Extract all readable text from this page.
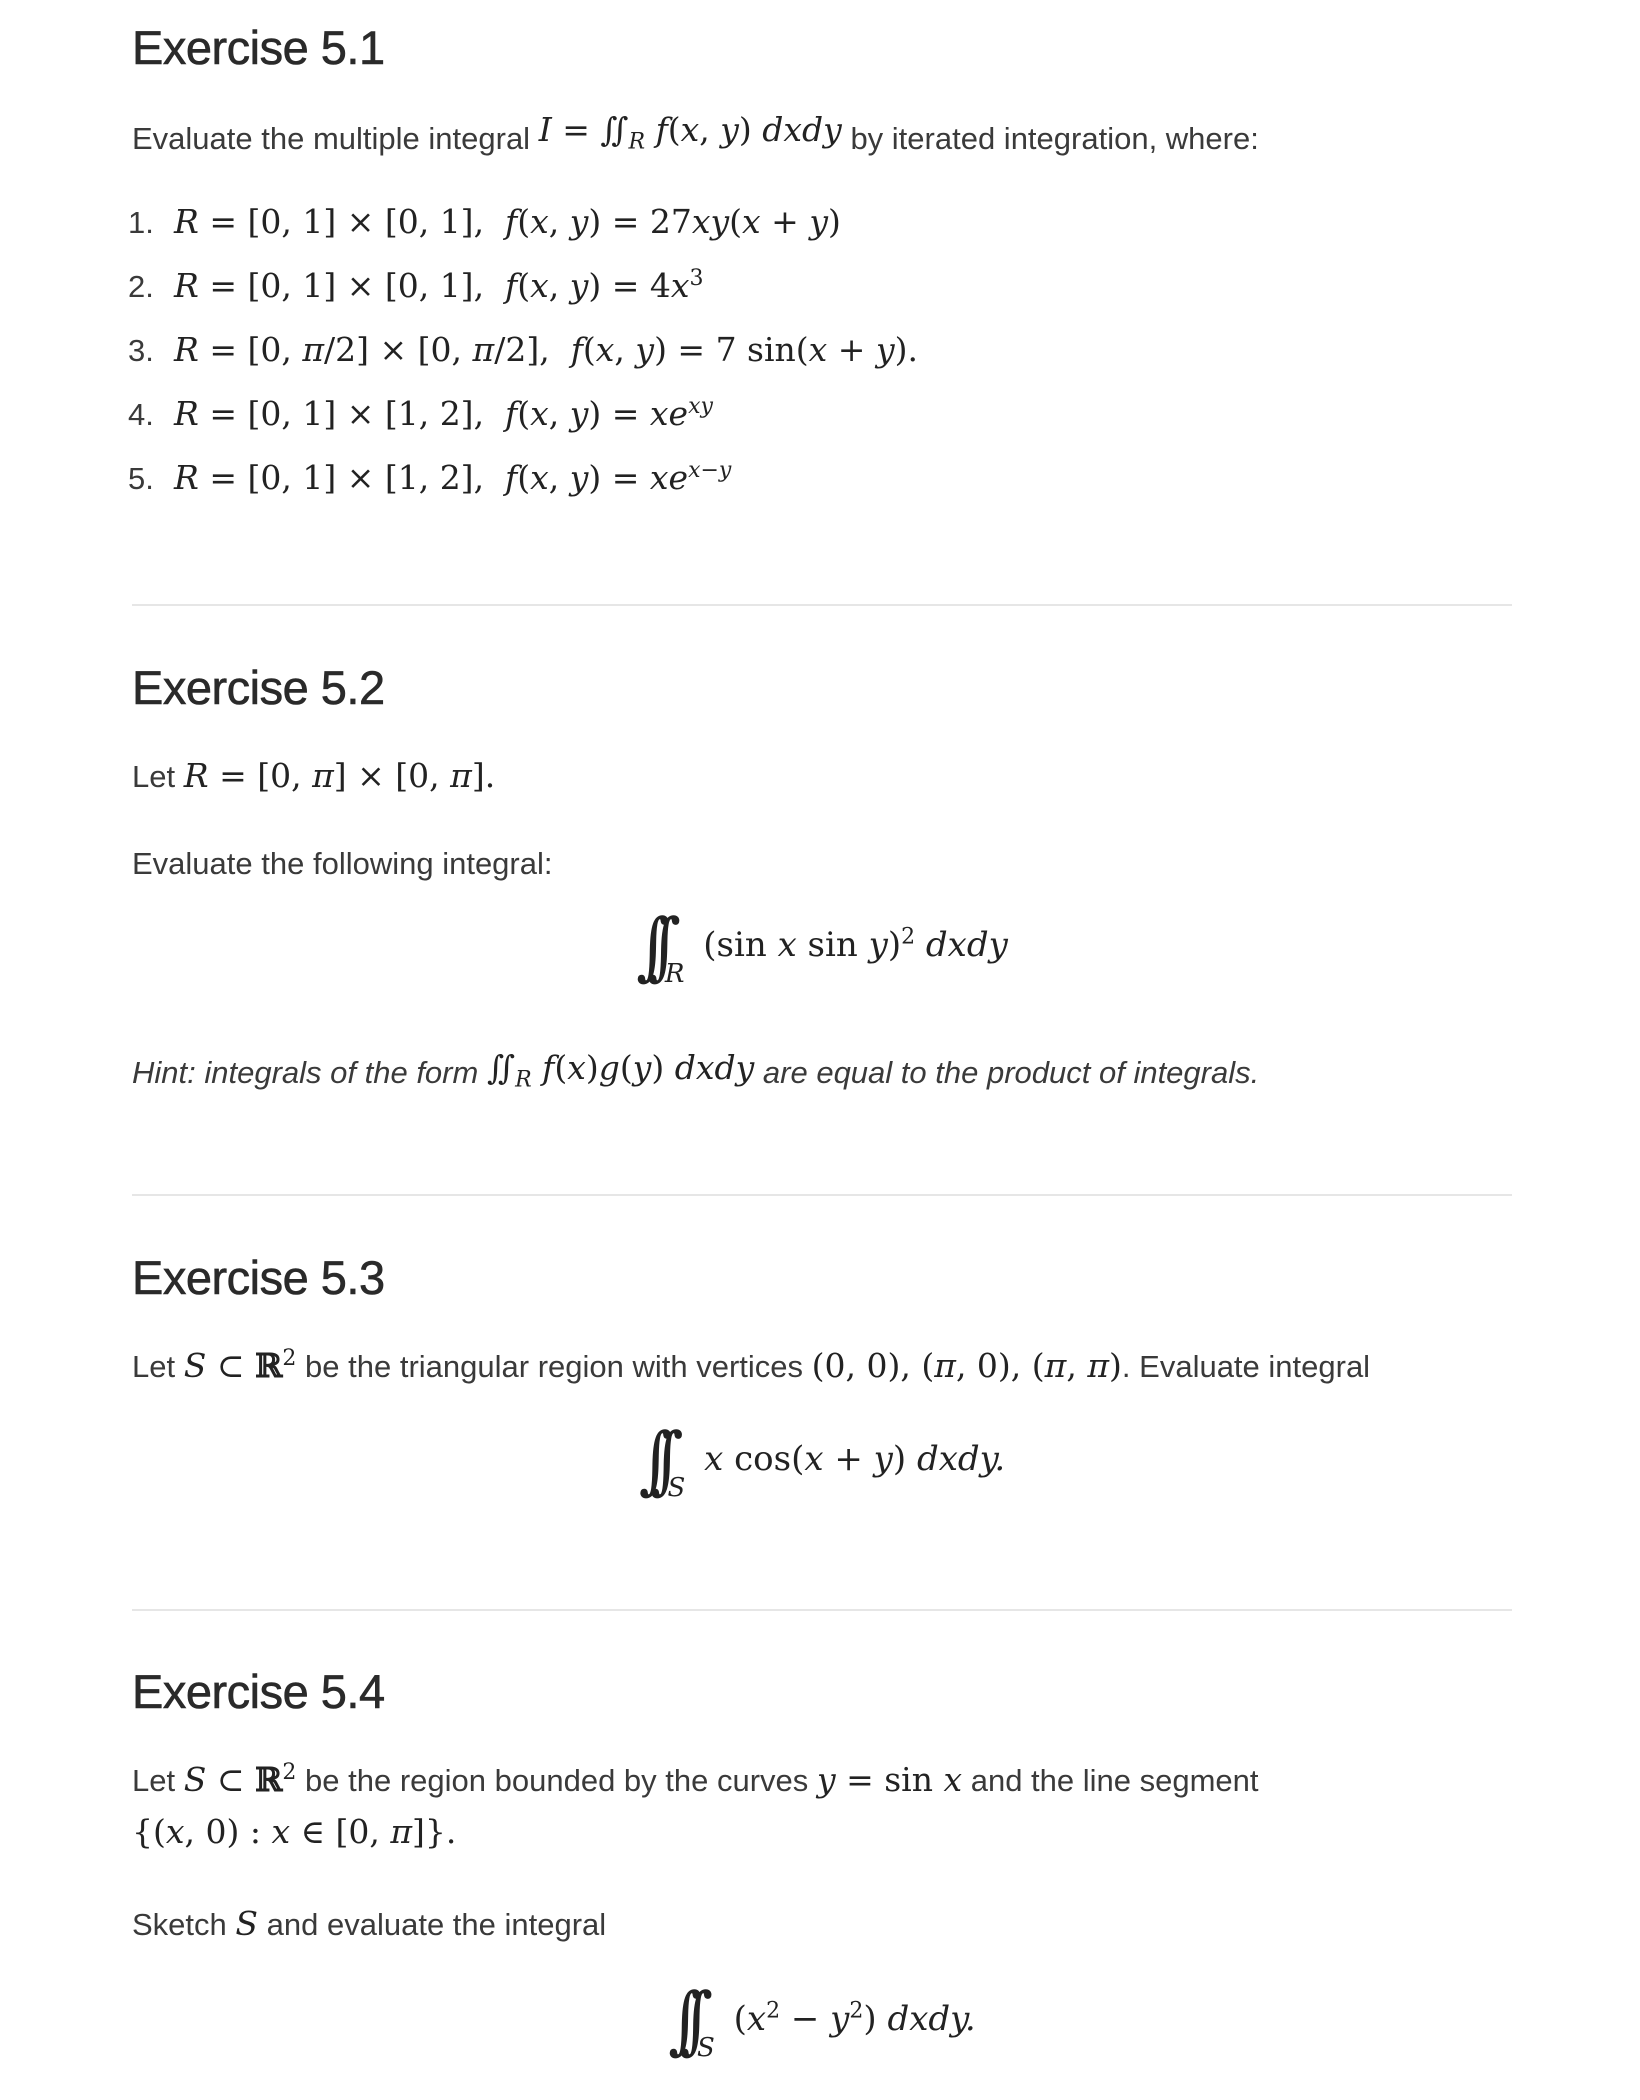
Exercise 5.1

Evaluate the multiple integral $I = ∬_R$ f(x, y) dxdy by iterated integration, where:

1. R = [0, 1] × [0, 1] , f(x, y) = 27xy(x + y)
2. R = [0, 1] × [0, 1] , f(x, $y) = 4x^3$
3. R = [0, π/2] × [0, π/2] , f(x, y) = 7 sin(x + y).
4. R = [0, 1] × [1, 2] , f(x, $y) = xe^{xy}$
5. R = [0, 1] × [1, 2] , f(x, $y) = xe^{x-y}$
Exercise 5.2

Let R = [0, π] × [0, π].

Evaluate the following integral:

∫∫ $_R$ (sin x sin y)$^2$ dxdy

Hint: integrals of the form $∬_R$ f(x)g(y) dxdy are equal to the product of integrals.

Exercise 5.3

Let S ⊂ ℝ$^2$ be the triangular region with vertices (0, 0), (π, 0), (π, π). Evaluate integral

∫∫ $_S$ x cos(x + y) dxdy.
Exercise 5.4

Let S ⊂ ℝ$^2$ be the region bounded by the curves y = sin x and the line segment

{(x, 0) : x ∈ [0, π]}.

Sketch S and evaluate the integral

∫∫ $_S$ $(x^2 - y^2)$ dxdy.
